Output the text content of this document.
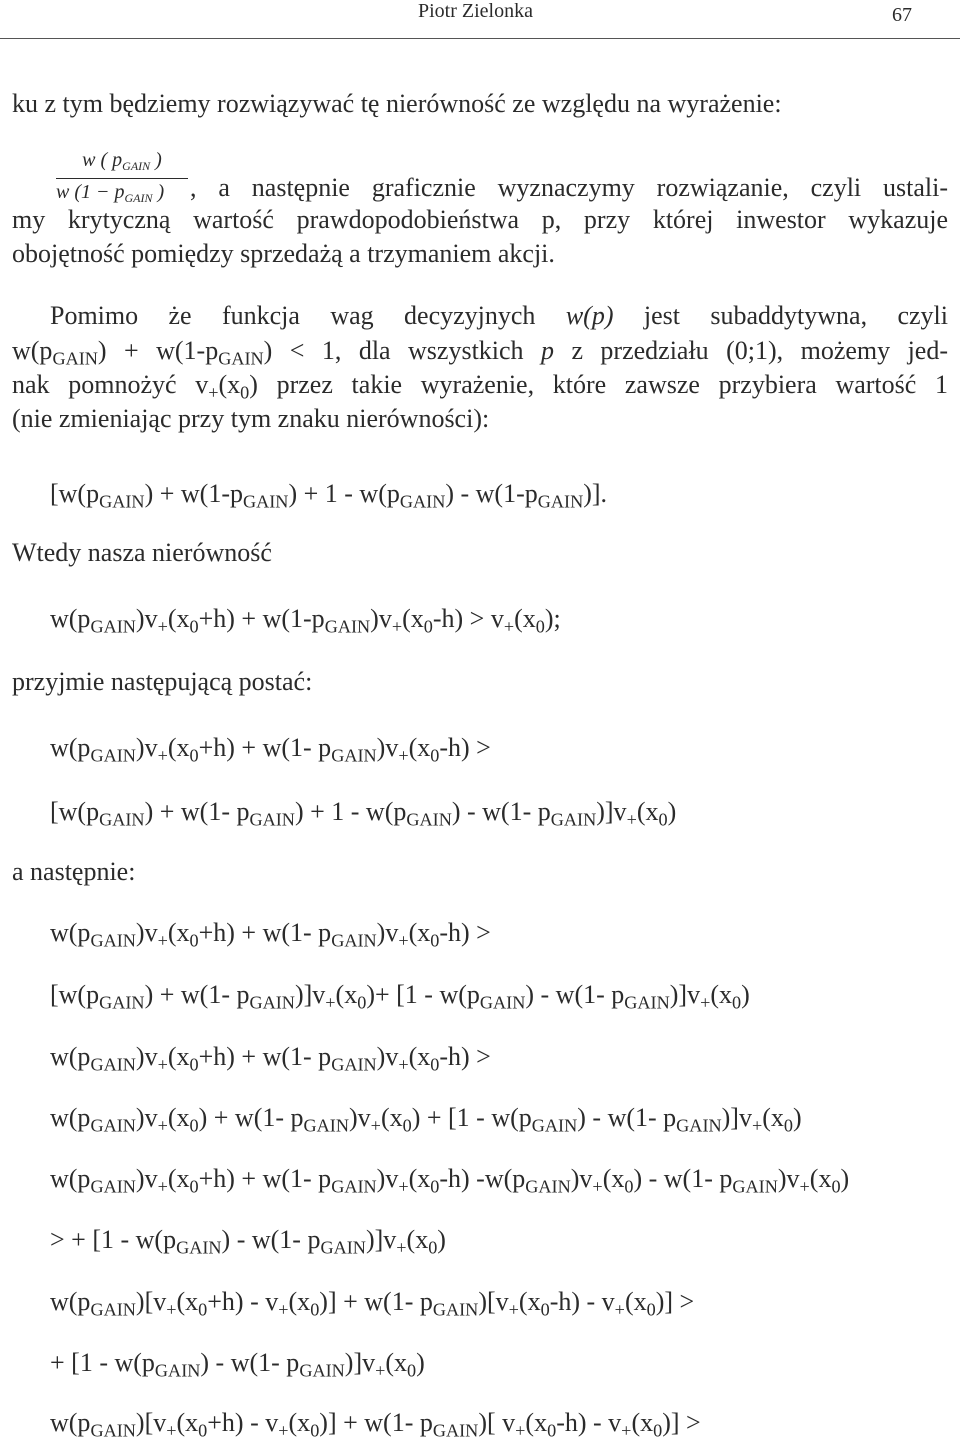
Piotr Zielonka	67
ku z tym będziemy rozwiązywać tę nierówność ze względu na wyrażenie:
w ( $p_{GAIN}$ )
w ($1 - p_{GAIN}$ ) , a następnie graficznie wyznaczymy rozwiązanie, czyli ustali-
my krytyczną wartość prawdopodobieństwa p, przy której inwestor wykazuje
obojętność pomiędzy sprzedażą a trzymaniem akcji.
Pomimo że funkcja wag decyzyjnych w(p) jest subaddytywna, czyli
$w(p_{GAIN}) + w(1-p_{GAIN}) < 1$, dla wszystkich p z przedziału (0;1), możemy jed-
nak pomnożyć $v_+(x_0)$ przez takie wyrażenie, które zawsze przybiera wartość 1
(nie zmieniając przy tym znaku nierówności):
$[w(p_{GAIN}) + w(1-p_{GAIN}) + 1 - w(p_{GAIN}) - w(1-p_{GAIN})]$.
Wtedy nasza nierówność
$w(p_{GAIN})v_+(x_0+h) + w(1-p_{GAIN})v_+(x_0-h) > v_+(x_0)$;
przyjmie następującą postać:
$w(p_{GAIN})v_+(x_0+h) + w(1-$ $p_{GAIN})v_+(x_0-h)$ >
[$w(p_{GAIN}) + w(1-$ $p_{GAIN}) + 1 - w(p_{GAIN}) - w(1-$ $p_{GAIN})]v_+(x_0)$
a następnie:
$w(p_{GAIN})v_+(x_0+h) + w(1-$ $p_{GAIN})v_+(x_0-h)$ >
[$w(p_{GAIN}) + w(1-$ $p_{GAIN})]v_+(x_0)+ [1 - w(p_{GAIN}) - w(1-$ $p_{GAIN})]v_+(x_0)$
$w(p_{GAIN})v_+(x_0+h) + w(1-$ $p_{GAIN})v_+(x_0-h)$ >
$w(p_{GAIN})v_+(x_0) + w(1-$ $p_{GAIN})v_+(x_0) + [1 - w(p_{GAIN}) - w(1-$ $p_{GAIN})]v_+(x_0)$
$w(p_{GAIN})v_+(x_0+h) + w(1-$ $p_{GAIN})v_+(x_0-h)$ $-w(p_{GAIN})v_+(x_0) - w(1-$ $p_{GAIN})v_+(x_0)$
> + [$1 - w(p_{GAIN}) - w(1-$ $p_{GAIN})]v_+(x_0)$
$w(p_{GAIN})[v_+(x_0+h) - v_+(x_0)] + w(1-$ $p_{GAIN})[v_+(x_0-h) - v_+(x_0)]$ >
+ [$1 - w(p_{GAIN}) - w(1-$ $p_{GAIN})]v_+(x_0)$
$w(p_{GAIN})[v_+(x_0+h) - v_+(x_0)] + w(1-$ $p_{GAIN}$)[ $v_+(x_0-h) - v_+(x_0)$] >
